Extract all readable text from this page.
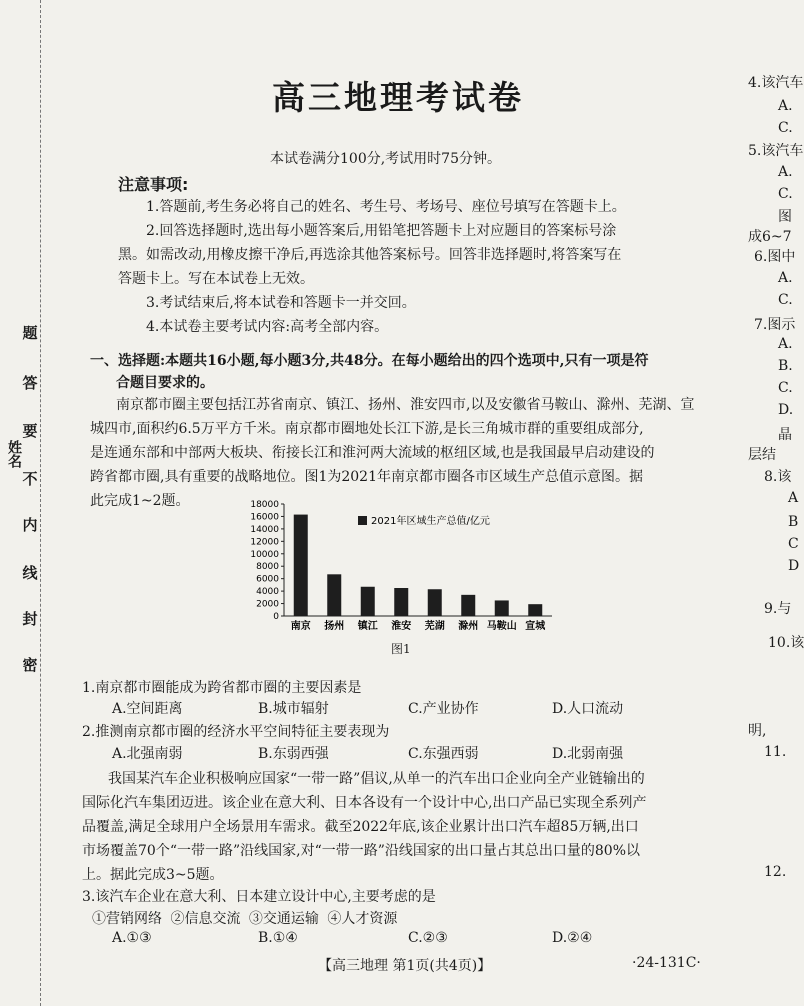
题
答
要
不
内
线
封
密
姓名
高三地理考试卷
本试卷满分100分,考试用时75分钟。
注意事项:
1.答题前,考生务必将自己的姓名、考生号、考场号、座位号填写在答题卡上。
2.回答选择题时,选出每小题答案后,用铅笔把答题卡上对应题目的答案标号涂
黑。如需改动,用橡皮擦干净后,再选涂其他答案标号。回答非选择题时,将答案写在
答题卡上。写在本试卷上无效。
3.考试结束后,将本试卷和答题卡一并交回。
4.本试卷主要考试内容:高考全部内容。
一、选择题:本题共16小题,每小题3分,共48分。在每小题给出的四个选项中,只有一项是符
合题目要求的。
南京都市圈主要包括江苏省南京、镇江、扬州、淮安四市,以及安徽省马鞍山、滁州、芜湖、宣
城四市,面积约6.5万平方千米。南京都市圈地处长江下游,是长三角城市群的重要组成部分,
是连通东部和中部两大板块、衔接长江和淮河两大流域的枢纽区域,也是我国最早启动建设的
跨省都市圈,具有重要的战略地位。图1为2021年南京都市圈各市区域生产总值示意图。据
此完成1~2题。
0
2000
4000
6000
8000
10000
12000
14000
16000
18000
南京 扬州 镇江 淮安 芜湖 滁州 马鞍山 宣城
2021年区域生产总值/亿元
图1
1.南京都市圈能成为跨省都市圈的主要因素是
A.空间距离	B.城市辐射	C.产业协作	D.人口流动
2.推测南京都市圈的经济水平空间特征主要表现为
A.北强南弱	B.东弱西强	C.东强西弱	D.北弱南强
我国某汽车企业积极响应国家“一带一路”倡议,从单一的汽车出口企业向全产业链输出的
国际化汽车集团迈进。该企业在意大利、日本各设有一个设计中心,出口产品已实现全系列产
品覆盖,满足全球用户全场景用车需求。截至2022年底,该企业累计出口汽车超85万辆,出口
市场覆盖70个“一带一路”沿线国家,对“一带一路”沿线国家的出口量占其总出口量的80%以
上。据此完成3~5题。
3.该汽车企业在意大利、日本建立设计中心,主要考虑的是
①营销网络 ②信息交流 ③交通运输 ④人才资源
A.①③	B.①④	C.②③	D.②④
【高三地理 第1页(共4页)】	·24-131C·
4.该汽车
A.
C.
5.该汽车
A.
C.
图
成6~7
6.图中
A.
C.
7.图示
A.
B.
C.
D.
晶
层结
8.该
A
B
C
D
9.与
10.该
明,
11.
12.
